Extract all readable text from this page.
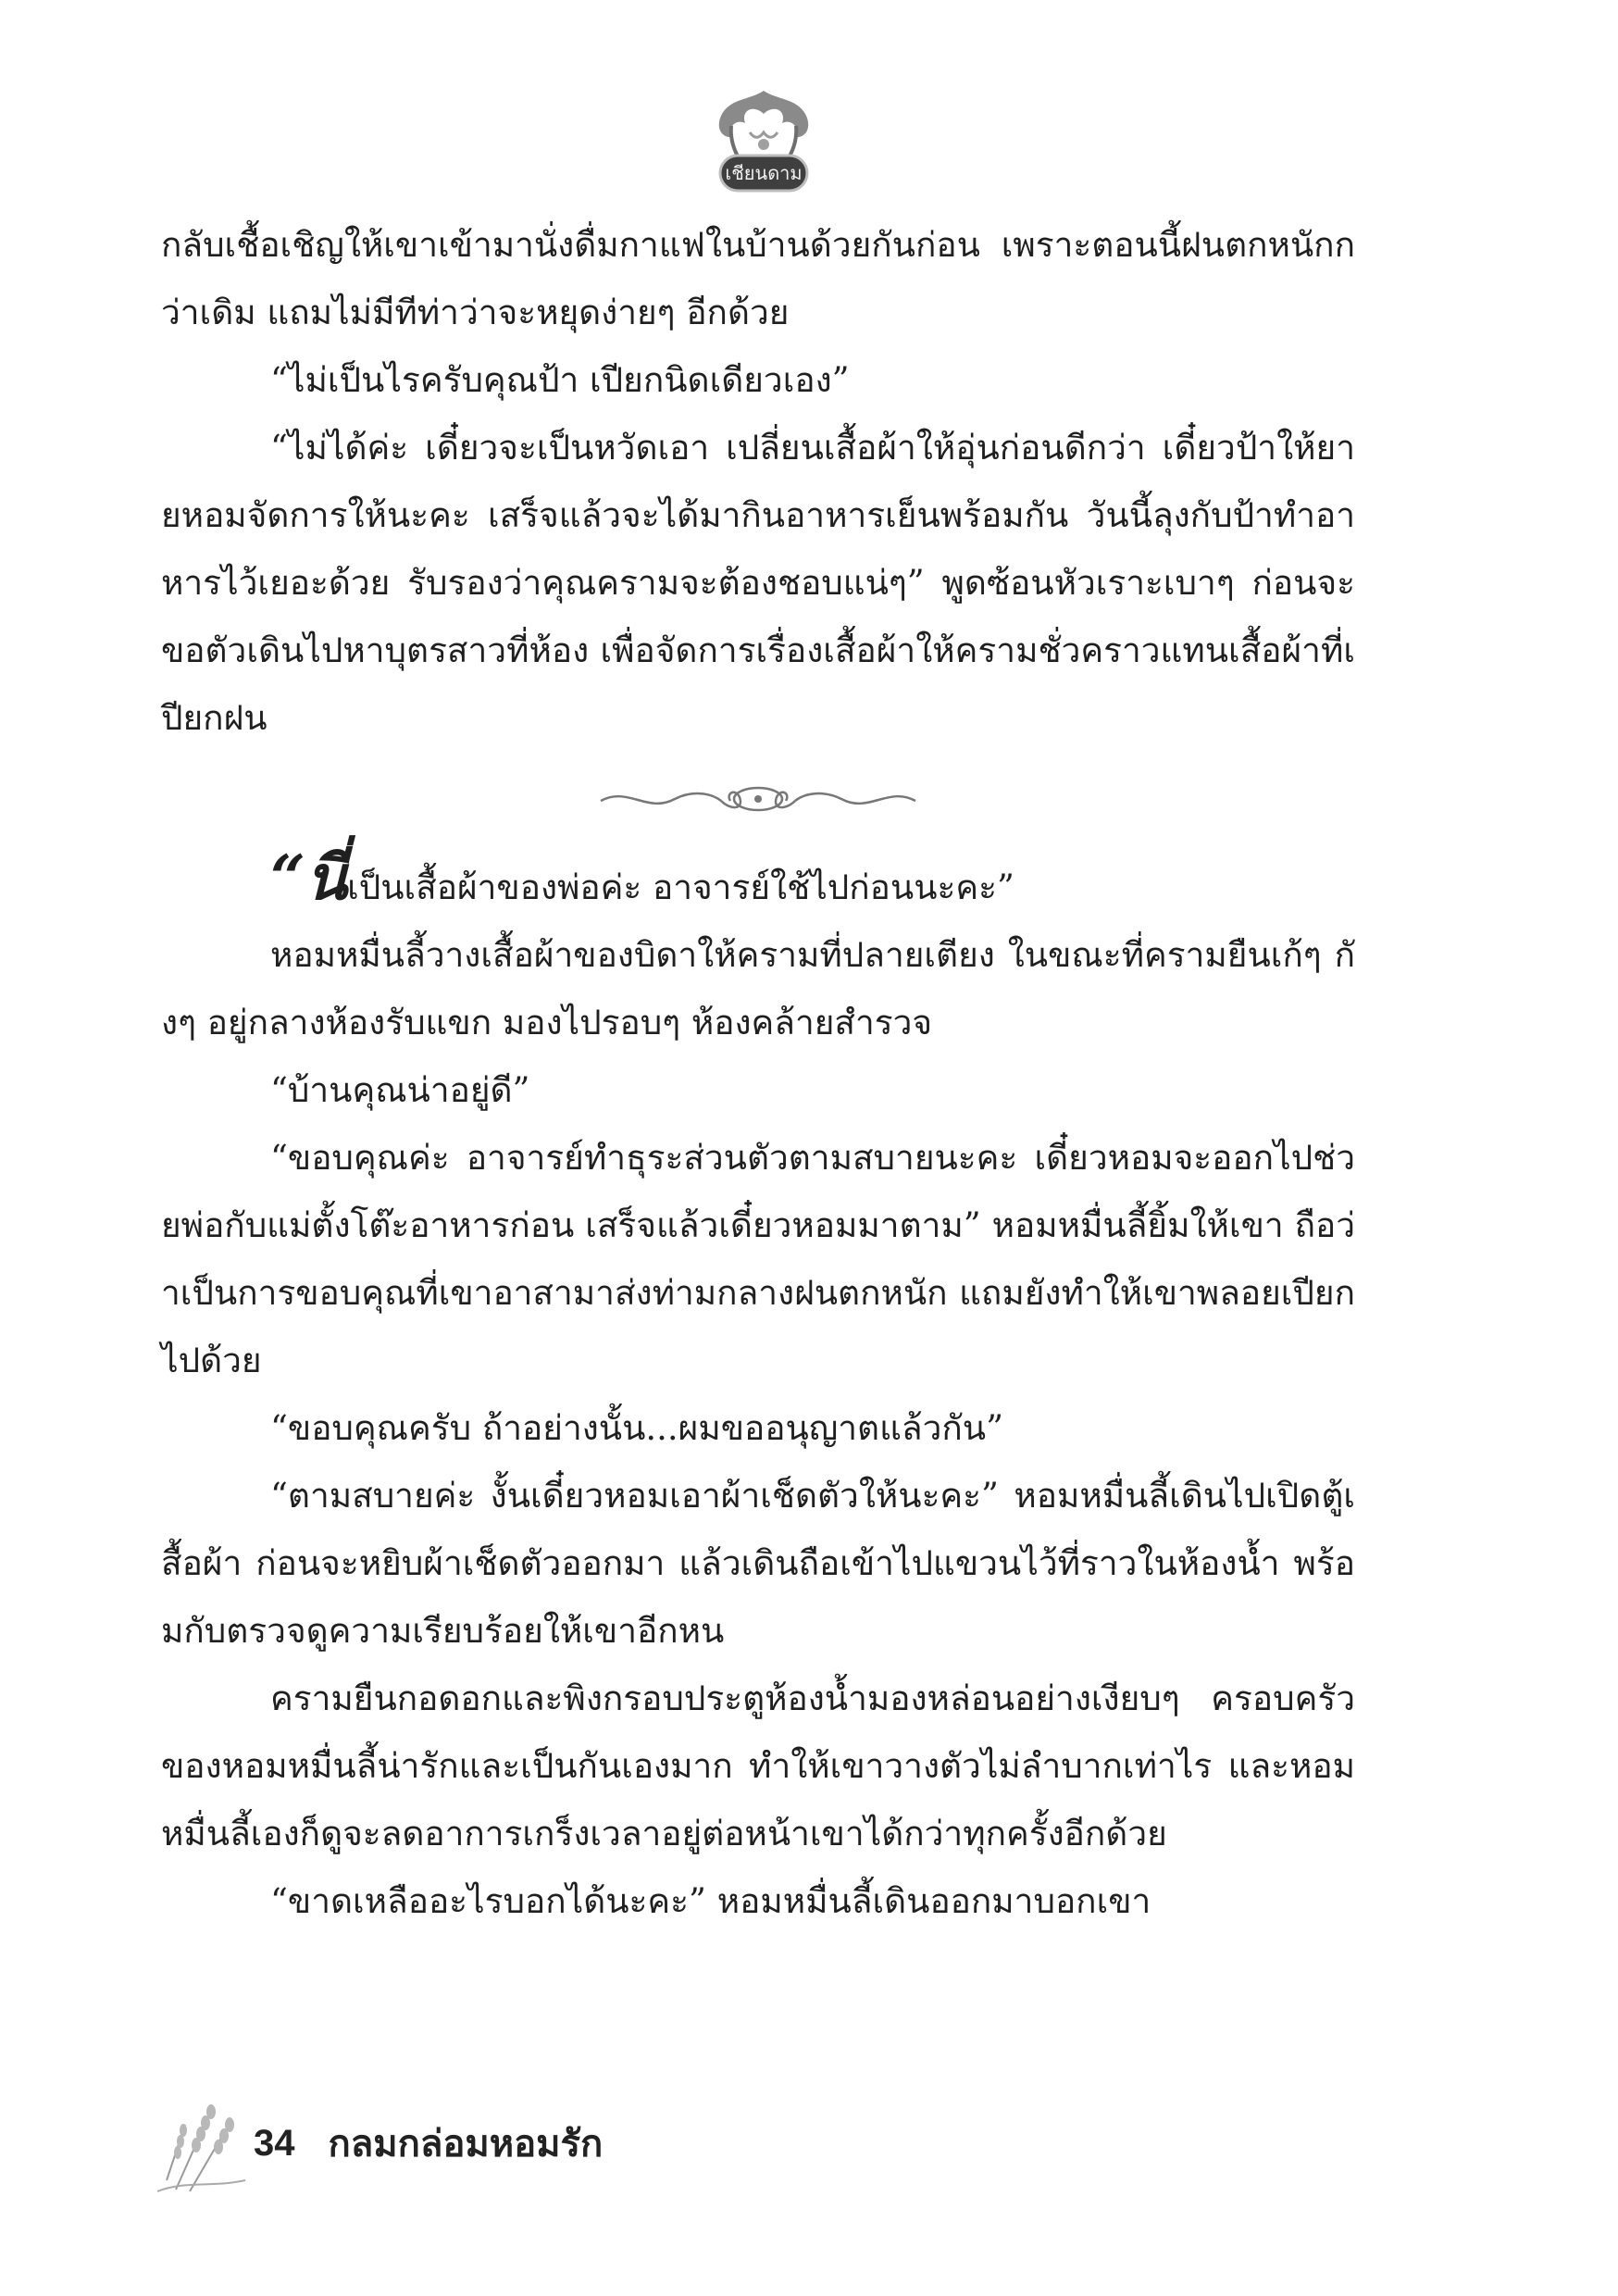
เชียนดาม

กลับเชื้อเชิญให้เขาเข้ามานั่งดื่มกาแฟในบ้านด้วยกันก่อน เพราะตอนนี้ฝนตกหนักกว่าเดิม แถมไม่มีทีท่าว่าจะหยุดง่ายๆ อีกด้วย

“ไม่เป็นไรครับคุณป้า เปียกนิดเดียวเอง”

“ไม่ได้ค่ะ เดี๋ยวจะเป็นหวัดเอา เปลี่ยนเสื้อผ้าให้อุ่นก่อนดีกว่า เดี๋ยวป้าให้ยายหอมจัดการให้นะคะ เสร็จแล้วจะได้มากินอาหารเย็นพร้อมกัน วันนี้ลุงกับป้าทำอาหารไว้เยอะด้วย รับรองว่าคุณครามจะต้องชอบแน่ๆ” พูดซ้อนหัวเราะเบาๆ ก่อนจะขอตัวเดินไปหาบุตรสาวที่ห้อง เพื่อจัดการเรื่องเสื้อผ้าให้ครามชั่วคราวแทนเสื้อผ้าที่เปียกฝน

“นี่เป็นเสื้อผ้าของพ่อค่ะ อาจารย์ใช้ไปก่อนนะคะ”

หอมหมื่นลี้วางเสื้อผ้าของบิดาให้ครามที่ปลายเตียง ในขณะที่ครามยืนเก้ๆ กังๆ อยู่กลางห้องรับแขก มองไปรอบๆ ห้องคล้ายสำรวจ

“บ้านคุณน่าอยู่ดี”

“ขอบคุณค่ะ อาจารย์ทำธุระส่วนตัวตามสบายนะคะ เดี๋ยวหอมจะออกไปช่วยพ่อกับแม่ตั้งโต๊ะอาหารก่อน เสร็จแล้วเดี๋ยวหอมมาตาม” หอมหมื่นลี้ยิ้มให้เขา ถือว่าเป็นการขอบคุณที่เขาอาสามาส่งท่ามกลางฝนตกหนัก แถมยังทำให้เขาพลอยเปียกไปด้วย

“ขอบคุณครับ ถ้าอย่างนั้น...ผมขออนุญาตแล้วกัน”

“ตามสบายค่ะ งั้นเดี๋ยวหอมเอาผ้าเช็ดตัวให้นะคะ” หอมหมื่นลี้เดินไปเปิดตู้เสื้อผ้า ก่อนจะหยิบผ้าเช็ดตัวออกมา แล้วเดินถือเข้าไปแขวนไว้ที่ราวในห้องน้ำ พร้อมกับตรวจดูความเรียบร้อยให้เขาอีกหน

ครามยืนกอดอกและพิงกรอบประตูห้องน้ำมองหล่อนอย่างเงียบๆ ครอบครัวของหอมหมื่นลี้น่ารักและเป็นกันเองมาก ทำให้เขาวางตัวไม่ลำบากเท่าไร และหอมหมื่นลี้เองก็ดูจะลดอาการเกร็งเวลาอยู่ต่อหน้าเขาได้กว่าทุกครั้งอีกด้วย

“ขาดเหลืออะไรบอกได้นะคะ” หอมหมื่นลี้เดินออกมาบอกเขา

34 กลมกล่อมหอมรัก
